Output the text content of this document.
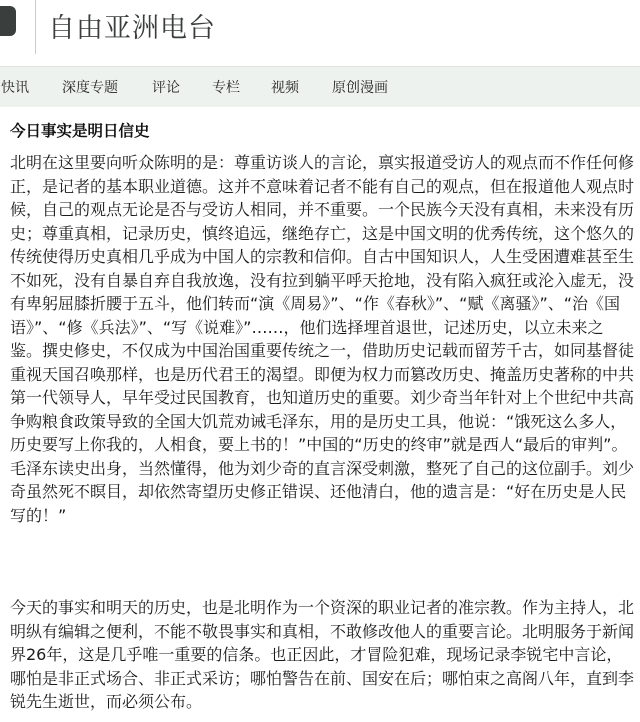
自由亚洲电台
快讯 深度专题 评论 专栏 视频 原创漫画
今日事实是明日信史

北明在这里要向听众陈明的是：尊重访谈人的言论，禀实报道受访人的观点而不作任何修正，是记者的基本职业道德。这并不意味着记者不能有自己的观点，但在报道他人观点时候，自己的观点无论是否与受访人相同，并不重要。一个民族今天没有真相，未来没有历史；尊重真相，记录历史，慎终追远，继绝存亡，这是中国文明的优秀传统，这个悠久的传统使得历史真相几乎成为中国人的宗教和信仰。自古中国知识人，人生受困遭难甚至生不如死，没有自暴自弃自我放逸，没有拉到躺平呼天抢地，没有陷入疯狂或沦入虚无，没有卑躬屈膝折腰于五斗，他们转而“演《周易》”、“作《春秋》”、“赋《离骚》”、“治《国语》”、“修《兵法》”、“写《说难》”……，他们选择埋首退世，记述历史，以立未来之鉴。撰史修史，不仅成为中国治国重要传统之一，借助历史记载而留芳千古，如同基督徒重视天国召唤那样，也是历代君王的渴望。即便为权力而篡改历史、掩盖历史著称的中共第一代领导人，早年受过民国教育，也知道历史的重要。刘少奇当年针对上个世纪中共高争购粮食政策导致的全国大饥荒劝诫毛泽东，用的是历史工具，他说：“饿死这么多人，历史要写上你我的，人相食，要上书的！”中国的“历史的终审”就是西人“最后的审判”。毛泽东读史出身，当然懂得，他为刘少奇的直言深受刺激，整死了自己的这位副手。刘少奇虽然死不瞑目，却依然寄望历史修正错误、还他清白，他的遗言是：“好在历史是人民写的！”

今天的事实和明天的历史，也是北明作为一个资深的职业记者的准宗教。作为主持人，北明纵有编辑之便利，不能不敬畏事实和真相，不敢修改他人的重要言论。北明服务于新闻界26年，这是几乎唯一重要的信条。也正因此，才冒险犯难，现场记录李锐宅中言论，哪怕是非正式场合、非正式采访；哪怕警告在前、国安在后；哪怕束之高阁八年，直到李锐先生逝世，而必须公布。
